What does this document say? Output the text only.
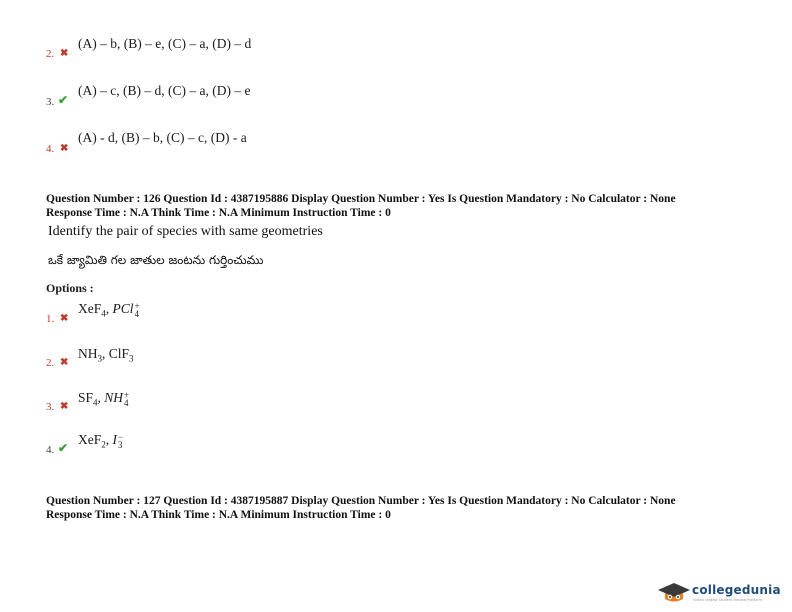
(A) – b, (B) – e, (C) – a, (D) – d
2. ✖
(A) – c, (B) – d, (C) – a, (D) – e
3. ✔
(A) - d, (B) – b, (C) – c, (D) - a
4. ✖
Question Number : 126 Question Id : 4387195886 Display Question Number : Yes Is Question Mandatory : No Calculator : None
Response Time : N.A Think Time : N.A Minimum Instruction Time : 0
Identify the pair of species with same geometries
ఒకే జ్యామితి గల జాతుల జంటను గుర్తించుము
Options :
XeF$_4$, PCl +
4
1. ✖
$NH_3$, ClF$_3$
2. ✖
$SF_4$, NH +
4
3. ✖
XeF$_2$, I −
3
4. ✔
Question Number : 127 Question Id : 4387195887 Display Question Number : Yes Is Question Mandatory : No Calculator : None
Response Time : N.A Think Time : N.A Minimum Instruction Time : 0
collegedunia
India's largest Student Review Platform
